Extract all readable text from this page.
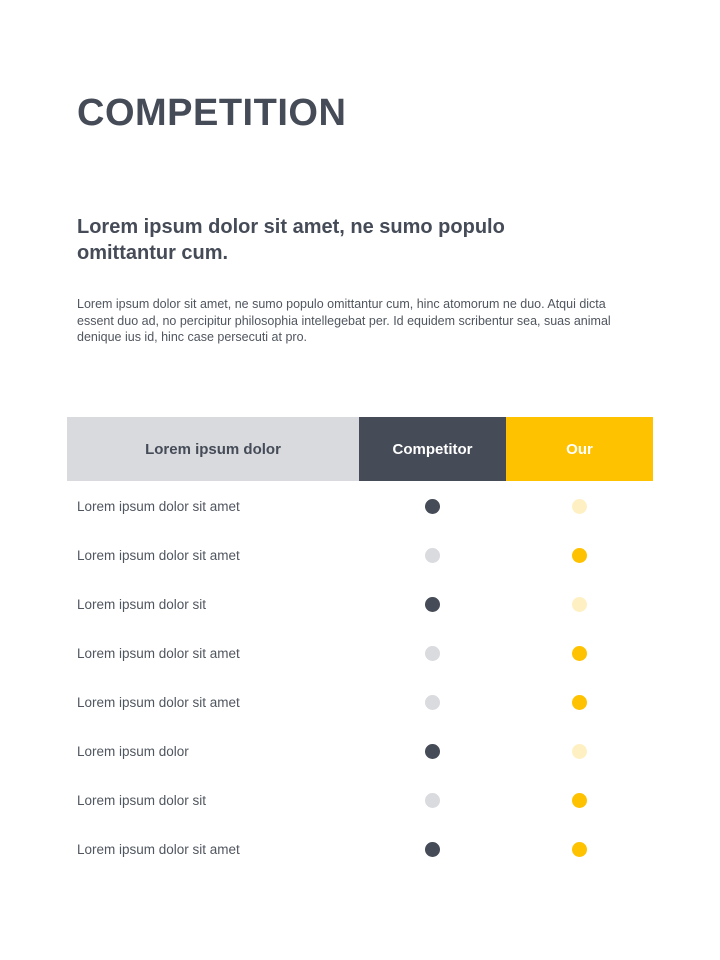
COMPETITION

Lorem ipsum dolor sit amet, ne sumo populo omittantur cum.

Lorem ipsum dolor sit amet, ne sumo populo omittantur cum, hinc atomorum ne duo. Atqui dicta essent duo ad, no percipitur philosophia intellegebat per. Id equidem scribentur sea, suas animal denique ius id, hinc case persecuti at pro.

Lorem ipsum dolor	Competitor	Our
Lorem ipsum dolor sit amet
Lorem ipsum dolor sit amet
Lorem ipsum dolor sit
Lorem ipsum dolor sit amet
Lorem ipsum dolor sit amet
Lorem ipsum dolor
Lorem ipsum dolor sit
Lorem ipsum dolor sit amet
